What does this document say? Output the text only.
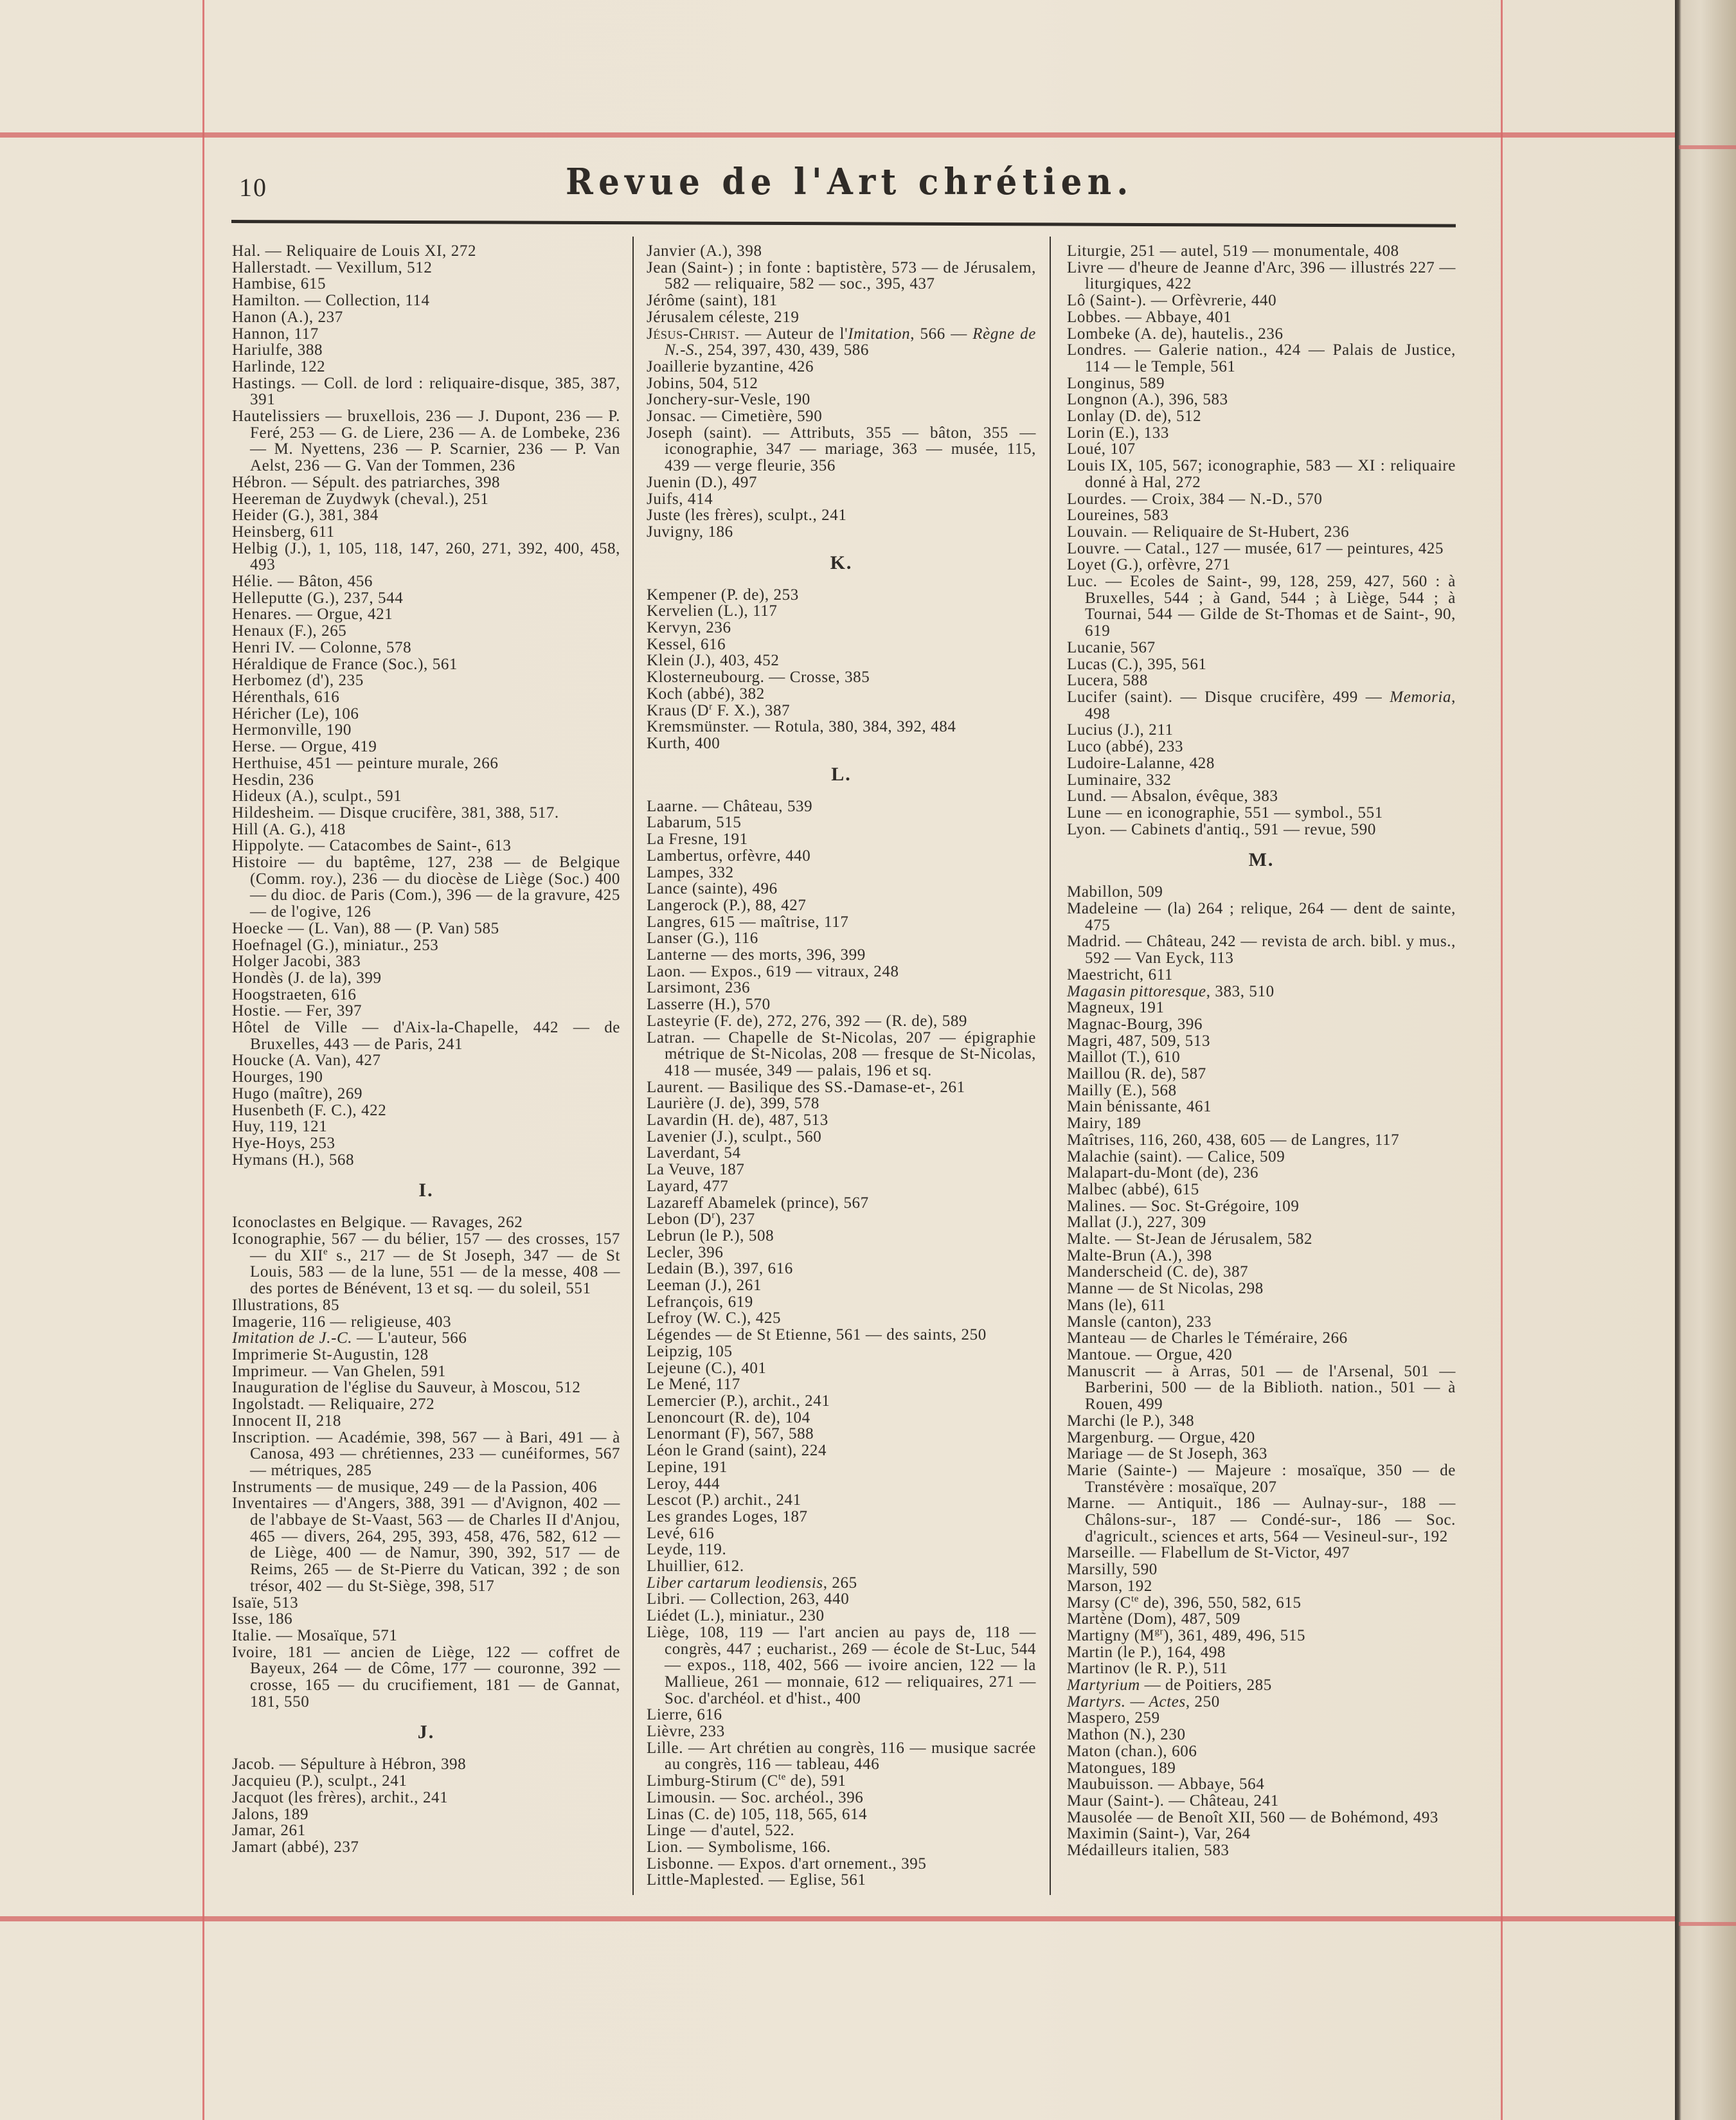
10	Revue de l'Art chrétien.

Hal. — Reliquaire de Louis XI, 272

Hallerstadt. — Vexillum, 512

Hambise, 615

Hamilton. — Collection, 114

Hanon (A.), 237

Hannon, 117

Hariulfe, 388

Harlinde, 122

Hastings. — Coll. de lord : reliquaire-disque, 385, 387, 391

Hautelissiers — bruxellois, 236 — J. Dupont, 236 — P. Feré, 253 — G. de Liere, 236 — A. de Lombeke, 236 — M. Nyettens, 236 — P. Scarnier, 236 — P. Van Aelst, 236 — G. Van der Tommen, 236

Hébron. — Sépult. des patriarches, 398

Heereman de Zuydwyk (cheval.), 251

Heider (G.), 381, 384

Heinsberg, 611

Helbig (J.), 1, 105, 118, 147, 260, 271, 392, 400, 458, 493

Hélie. — Bâton, 456

Helleputte (G.), 237, 544

Henares. — Orgue, 421

Henaux (F.), 265

Henri IV. — Colonne, 578

Héraldique de France (Soc.), 561

Herbomez (d'), 235

Hérenthals, 616

Héricher (Le), 106

Hermonville, 190

Herse. — Orgue, 419

Herthuise, 451 — peinture murale, 266

Hesdin, 236

Hideux (A.), sculpt., 591

Hildesheim. — Disque crucifère, 381, 388, 517.

Hill (A. G.), 418

Hippolyte. — Catacombes de Saint-, 613

Histoire — du baptême, 127, 238 — de Belgique (Comm. roy.), 236 — du diocèse de Liège (Soc.) 400 — du dioc. de Paris (Com.), 396 — de la gravure, 425 — de l'ogive, 126

Hoecke — (L. Van), 88 — (P. Van) 585

Hoefnagel (G.), miniatur., 253

Holger Jacobi, 383

Hondès (J. de la), 399

Hoogstraeten, 616

Hostie. — Fer, 397

Hôtel de Ville — d'Aix-la-Chapelle, 442 — de Bruxelles, 443 — de Paris, 241

Houcke (A. Van), 427

Hourges, 190

Hugo (maître), 269

Husenbeth (F. C.), 422

Huy, 119, 121

Hye-Hoys, 253

Hymans (H.), 568

I.

Iconoclastes en Belgique. — Ravages, 262

Iconographie, 567 — du bélier, 157 — des crosses, 157 — du XIIe s., 217 — de St Joseph, 347 — de St Louis, 583 — de la lune, 551 — de la messe, 408 — des portes de Bénévent, 13 et sq. — du soleil, 551

Illustrations, 85

Imagerie, 116 — religieuse, 403

Imitation de J.-C. — L'auteur, 566

Imprimerie St-Augustin, 128

Imprimeur. — Van Ghelen, 591

Inauguration de l'église du Sauveur, à Moscou, 512

Ingolstadt. — Reliquaire, 272

Innocent II, 218

Inscription. — Académie, 398, 567 — à Bari, 491 — à Canosa, 493 — chrétiennes, 233 — cunéiformes, 567 — métriques, 285

Instruments — de musique, 249 — de la Passion, 406

Inventaires — d'Angers, 388, 391 — d'Avignon, 402 — de l'abbaye de St-Vaast, 563 — de Charles II d'Anjou, 465 — divers, 264, 295, 393, 458, 476, 582, 612 — de Liège, 400 — de Namur, 390, 392, 517 — de Reims, 265 — de St-Pierre du Vatican, 392 ; de son trésor, 402 — du St-Siège, 398, 517

Isaïe, 513

Isse, 186

Italie. — Mosaïque, 571

Ivoire, 181 — ancien de Liège, 122 — coffret de Bayeux, 264 — de Côme, 177 — couronne, 392 — crosse, 165 — du crucifiement, 181 — de Gannat, 181, 550

J.

Jacob. — Sépulture à Hébron, 398

Jacquieu (P.), sculpt., 241

Jacquot (les frères), archit., 241

Jalons, 189

Jamar, 261

Jamart (abbé), 237

Janvier (A.), 398

Jean (Saint-) ; in fonte : baptistère, 573 — de Jérusalem, 582 — reliquaire, 582 — soc., 395, 437

Jérôme (saint), 181

Jérusalem céleste, 219

Jésus-Christ. — Auteur de l'Imitation, 566 — Règne de N.-S., 254, 397, 430, 439, 586

Joaillerie byzantine, 426

Jobins, 504, 512

Jonchery-sur-Vesle, 190

Jonsac. — Cimetière, 590

Joseph (saint). — Attributs, 355 — bâton, 355 — iconographie, 347 — mariage, 363 — musée, 115, 439 — verge fleurie, 356

Juenin (D.), 497

Juifs, 414

Juste (les frères), sculpt., 241

Juvigny, 186

K.

Kempener (P. de), 253

Kervelien (L.), 117

Kervyn, 236

Kessel, 616

Klein (J.), 403, 452

Klosterneubourg. — Crosse, 385

Koch (abbé), 382

Kraus ($D^r$ F. X.), 387

Kremsmünster. — Rotula, 380, 384, 392, 484

Kurth, 400

L.

Laarne. — Château, 539

Labarum, 515

La Fresne, 191

Lambertus, orfèvre, 440

Lampes, 332

Lance (sainte), 496

Langerock (P.), 88, 427

Langres, 615 — maîtrise, 117

Lanser (G.), 116

Lanterne — des morts, 396, 399

Laon. — Expos., 619 — vitraux, 248

Larsimont, 236

Lasserre (H.), 570

Lasteyrie (F. de), 272, 276, 392 — (R. de), 589

Latran. — Chapelle de St-Nicolas, 207 — épigraphie métrique de St-Nicolas, 208 — fresque de St-Nicolas, 418 — musée, 349 — palais, 196 et sq.

Laurent. — Basilique des SS.-Damase-et-, 261

Laurière (J. de), 399, 578

Lavardin (H. de), 487, 513

Lavenier (J.), sculpt., 560

Laverdant, 54

La Veuve, 187

Layard, 477

Lazareff Abamelek (prince), 567

Lebon $(D^r)$, 237

Lebrun (le P.), 508

Lecler, 396

Ledain (B.), 397, 616

Leeman (J.), 261

Lefrançois, 619

Lefroy (W. C.), 425

Légendes — de St Etienne, 561 — des saints, 250

Leipzig, 105

Lejeune (C.), 401

Le Mené, 117

Lemercier (P.), archit., 241

Lenoncourt (R. de), 104

Lenormant (F), 567, 588

Léon le Grand (saint), 224

Lepine, 191

Leroy, 444

Lescot (P.) archit., 241

Les grandes Loges, 187

Levé, 616

Leyde, 119.

Lhuillier, 612.

Liber cartarum leodiensis, 265

Libri. — Collection, 263, 440

Liédet (L.), miniatur., 230

Liège, 108, 119 — l'art ancien au pays de, 118 — congrès, 447 ; eucharist., 269 — école de St-Luc, 544 — expos., 118, 402, 566 — ivoire ancien, 122 — la Mallieue, 261 — monnaie, 612 — reliquaires, 271 — Soc. d'archéol. et d'hist., 400

Lierre, 616

Lièvre, 233

Lille. — Art chrétien au congrès, 116 — musique sacrée au congrès, 116 — tableau, 446

Limburg-Stirum ($C^{te}$ de), 591

Limousin. — Soc. archéol., 396

Linas (C. de) 105, 118, 565, 614

Linge — d'autel, 522.

Lion. — Symbolisme, 166.

Lisbonne. — Expos. d'art ornement., 395

Little-Maplested. — Eglise, 561

Liturgie, 251 — autel, 519 — monumentale, 408

Livre — d'heure de Jeanne d'Arc, 396 — illustrés 227 — liturgiques, 422

Lô (Saint-). — Orfèvrerie, 440

Lobbes. — Abbaye, 401

Lombeke (A. de), hautelis., 236

Londres. — Galerie nation., 424 — Palais de Justice, 114 — le Temple, 561

Longinus, 589

Longnon (A.), 396, 583

Lonlay (D. de), 512

Lorin (E.), 133

Loué, 107

Louis IX, 105, 567; iconographie, 583 — XI : reliquaire donné à Hal, 272

Lourdes. — Croix, 384 — N.-D., 570

Loureines, 583

Louvain. — Reliquaire de St-Hubert, 236

Louvre. — Catal., 127 — musée, 617 — peintures, 425

Loyet (G.), orfèvre, 271

Luc. — Ecoles de Saint-, 99, 128, 259, 427, 560 : à Bruxelles, 544 ; à Gand, 544 ; à Liège, 544 ; à Tournai, 544 — Gilde de St-Thomas et de Saint-, 90, 619

Lucanie, 567

Lucas (C.), 395, 561

Lucera, 588

Lucifer (saint). — Disque crucifère, 499 — Memoria, 498

Lucius (J.), 211

Luco (abbé), 233

Ludoire-Lalanne, 428

Luminaire, 332

Lund. — Absalon, évêque, 383

Lune — en iconographie, 551 — symbol., 551

Lyon. — Cabinets d'antiq., 591 — revue, 590

M.

Mabillon, 509

Madeleine — (la) 264 ; relique, 264 — dent de sainte, 475

Madrid. — Château, 242 — revista de arch. bibl. y mus., 592 — Van Eyck, 113

Maestricht, 611

Magasin pittoresque, 383, 510

Magneux, 191

Magnac-Bourg, 396

Magri, 487, 509, 513

Maillot (T.), 610

Maillou (R. de), 587

Mailly (E.), 568

Main bénissante, 461

Mairy, 189

Maîtrises, 116, 260, 438, 605 — de Langres, 117

Malachie (saint). — Calice, 509

Malapart-du-Mont (de), 236

Malbec (abbé), 615

Malines. — Soc. St-Grégoire, 109

Mallat (J.), 227, 309

Malte. — St-Jean de Jérusalem, 582

Malte-Brun (A.), 398

Manderscheid (C. de), 387

Manne — de St Nicolas, 298

Mans (le), 611

Mansle (canton), 233

Manteau — de Charles le Téméraire, 266

Mantoue. — Orgue, 420

Manuscrit — à Arras, 501 — de l'Arsenal, 501 — Barberini, 500 — de la Biblioth. nation., 501 — à Rouen, 499

Marchi (le P.), 348

Margenburg. — Orgue, 420

Mariage — de St Joseph, 363

Marie (Sainte-) — Majeure : mosaïque, 350 — de Transtévère : mosaïque, 207

Marne. — Antiquit., 186 — Aulnay-sur-, 188 — Châlons-sur-, 187 — Condé-sur-, 186 — Soc. d'agricult., sciences et arts, 564 — Vesineul-sur-, 192

Marseille. — Flabellum de St-Victor, 497

Marsilly, 590

Marson, 192

Marsy ($C^{te}$ de), 396, 550, 582, 615

Martène (Dom), 487, 509

Martigny $(M^{gr})$, 361, 489, 496, 515

Martin (le P.), 164, 498

Martinov (le R. P.), 511

Martyrium — de Poitiers, 285

Martyrs. — Actes, 250

Maspero, 259

Mathon (N.), 230

Maton (chan.), 606

Matongues, 189

Maubuisson. — Abbaye, 564

Maur (Saint-). — Château, 241

Mausolée — de Benoît XII, 560 — de Bohémond, 493

Maximin (Saint-), Var, 264

Médailleurs italien, 583
